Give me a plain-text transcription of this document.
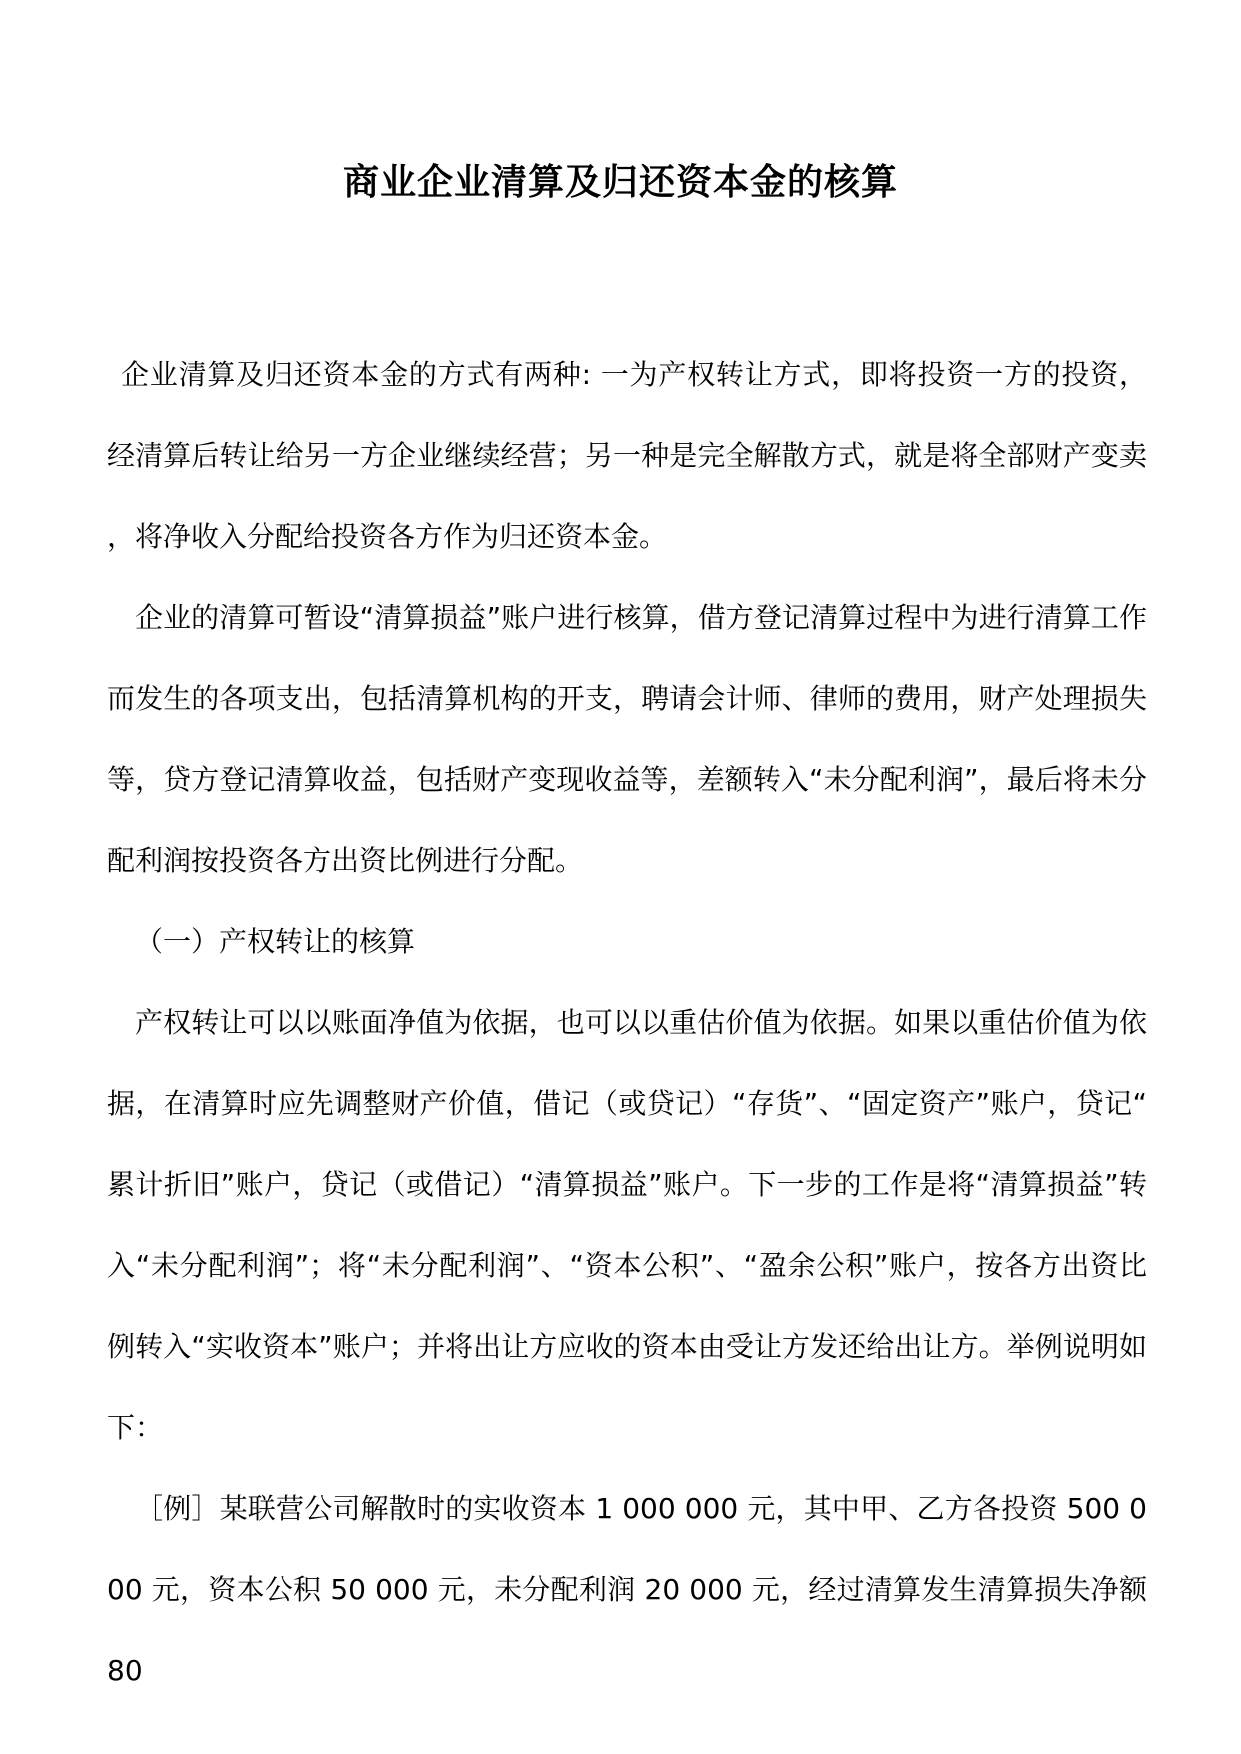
商业企业清算及归还资本金的核算

企业清算及归还资本金的方式有两种: 一为产权转让方式，即将投资一方的投资，经清算后转让给另一方企业继续经营；另一种是完全解散方式，就是将全部财产变卖，将净收入分配给投资各方作为归还资本金。

企业的清算可暂设“清算损益”账户进行核算，借方登记清算过程中为进行清算工作而发生的各项支出，包括清算机构的开支，聘请会计师、律师的费用，财产处理损失等，贷方登记清算收益，包括财产变现收益等，差额转入“未分配利润”，最后将未分配利润按投资各方出资比例进行分配。

（一）产权转让的核算

产权转让可以以账面净值为依据，也可以以重估价值为依据。如果以重估价值为依据，在清算时应先调整财产价值，借记（或贷记）“存货”、“固定资产”账户，贷记“累计折旧”账户，贷记（或借记）“清算损益”账户。下一步的工作是将“清算损益”转入“未分配利润”；将“未分配利润”、“资本公积”、“盈余公积”账户，按各方出资比例转入“实收资本”账户；并将出让方应收的资本由受让方发还给出让方。举例说明如下：

［例］某联营公司解散时的实收资本 1 000 000 元，其中甲、乙方各投资 500 000 元，资本公积 50 000 元，未分配利润 20 000 元，经过清算发生清算损失净额 80
